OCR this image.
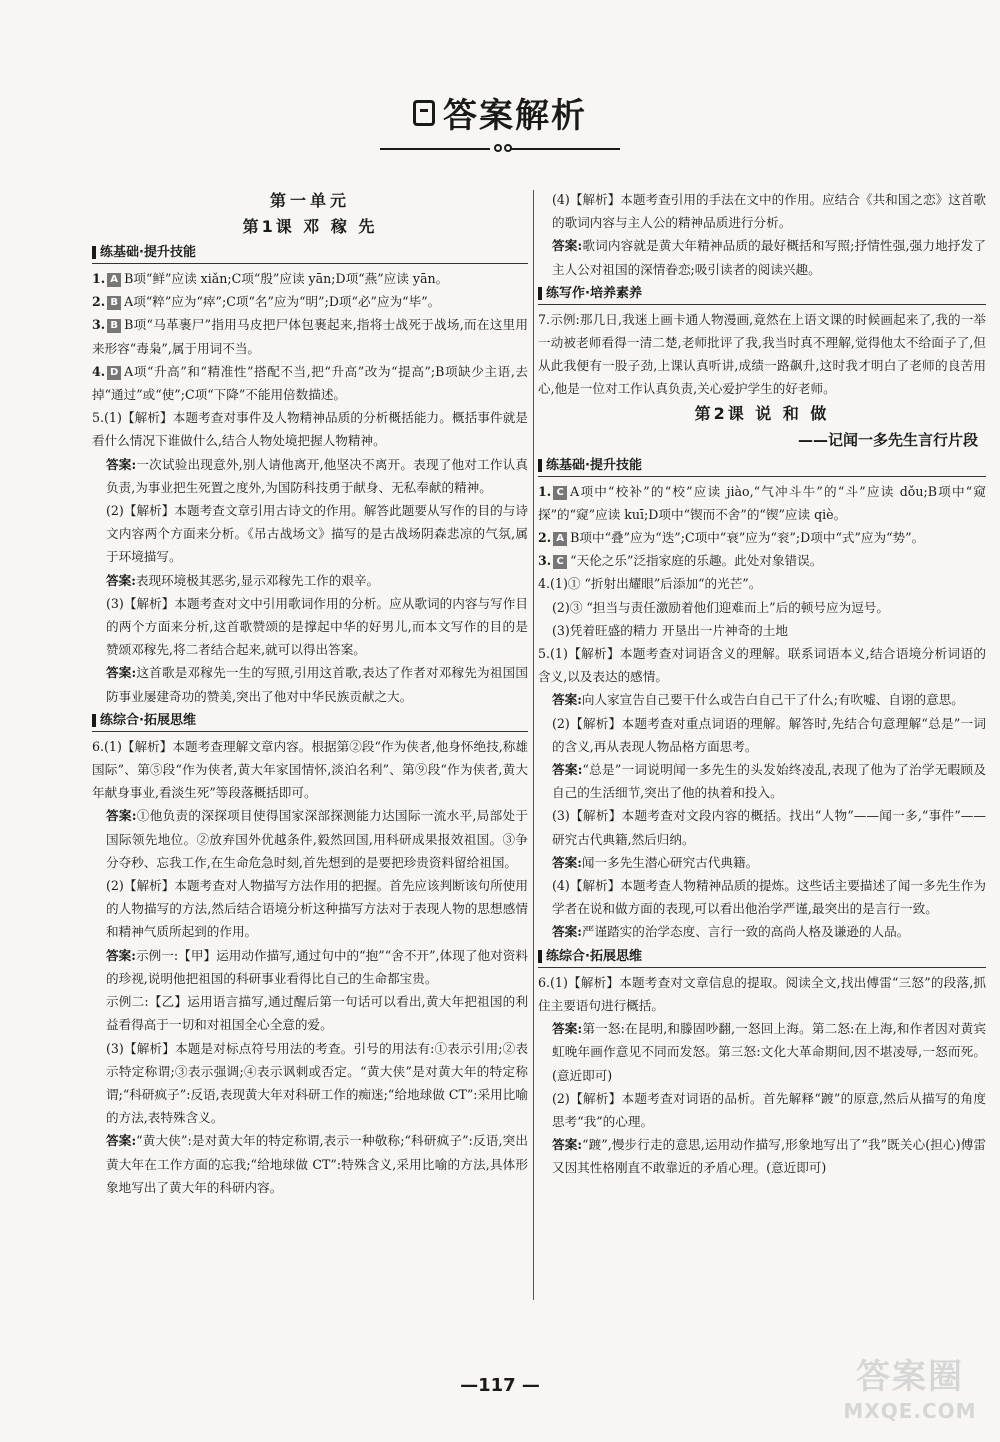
答案解析
第一单元
第1课 邓 稼 先
练基础·提升技能

1. A B项“鲜”应读 xiǎn;C项“殷”应读 yān;D项“燕”应读 yān。

2. B A项“粹”应为“瘁”;C项“名”应为“明”;D项“必”应为“毕”。

3. B B项“马革裹尸”指用马皮把尸体包裹起来,指将士战死于战场,而在这里用来形容“毒枭”,属于用词不当。

4. D A项“升高”和“精准性”搭配不当,把“升高”改为“提高”;B项缺少主语,去掉“通过”或“使”;C项“下降”不能用倍数描述。

5.(1)【解析】本题考查对事件及人物精神品质的分析概括能力。概括事件就是看什么情况下谁做什么,结合人物处境把握人物精神。

答案:一次试验出现意外,别人请他离开,他坚决不离开。表现了他对工作认真负责,为事业把生死置之度外,为国防科技勇于献身、无私奉献的精神。

(2)【解析】本题考查文章引用古诗文的作用。解答此题要从写作的目的与诗文内容两个方面来分析。《吊古战场文》描写的是古战场阴森悲凉的气氛,属于环境描写。

答案:表现环境极其恶劣,显示邓稼先工作的艰辛。

(3)【解析】本题考查对文中引用歌词作用的分析。应从歌词的内容与写作目的两个方面来分析,这首歌赞颂的是撑起中华的好男儿,而本文写作的目的是赞颂邓稼先,将二者结合起来,就可以得出答案。

答案:这首歌是邓稼先一生的写照,引用这首歌,表达了作者对邓稼先为祖国国防事业屡建奇功的赞美,突出了他对中华民族贡献之大。

练综合·拓展思维

6.(1)【解析】本题考查理解文章内容。根据第②段“作为侠者,他身怀绝技,称雄国际”、第⑤段“作为侠者,黄大年家国情怀,淡泊名利”、第⑨段“作为侠者,黄大年献身事业,看淡生死”等段落概括即可。

答案:①他负责的深探项目使得国家深部探测能力达国际一流水平,局部处于国际领先地位。②放弃国外优越条件,毅然回国,用科研成果报效祖国。③争分夺秒、忘我工作,在生命危急时刻,首先想到的是要把珍贵资料留给祖国。

(2)【解析】本题考查对人物描写方法作用的把握。首先应该判断该句所使用的人物描写的方法,然后结合语境分析这种描写方法对于表现人物的思想感情和精神气质所起到的作用。

答案:示例一:【甲】运用动作描写,通过句中的“抱”“舍不开”,体现了他对资料的珍视,说明他把祖国的科研事业看得比自己的生命都宝贵。

示例二:【乙】运用语言描写,通过醒后第一句话可以看出,黄大年把祖国的利益看得高于一切和对祖国全心全意的爱。

(3)【解析】本题是对标点符号用法的考查。引号的用法有:①表示引用;②表示特定称谓;③表示强调;④表示讽刺或否定。“黄大侠”是对黄大年的特定称谓;“科研疯子”:反语,表现黄大年对科研工作的痴迷;“给地球做 CT”:采用比喻的方法,表特殊含义。

答案:“黄大侠”:是对黄大年的特定称谓,表示一种敬称;“科研疯子”:反语,突出黄大年在工作方面的忘我;“给地球做 CT”:特殊含义,采用比喻的方法,具体形象地写出了黄大年的科研内容。

(4)【解析】本题考查引用的手法在文中的作用。应结合《共和国之恋》这首歌的歌词内容与主人公的精神品质进行分析。

答案:歌词内容就是黄大年精神品质的最好概括和写照;抒情性强,强力地抒发了主人公对祖国的深情眷恋;吸引读者的阅读兴趣。

练写作·培养素养

7.示例:那几日,我迷上画卡通人物漫画,竟然在上语文课的时候画起来了,我的一举一动被老师看得一清二楚,老师批评了我,我当时真不理解,觉得他太不给面子了,但从此我便有一股子劲,上课认真听讲,成绩一路飙升,这时我才明白了老师的良苦用心,他是一位对工作认真负责,关心爱护学生的好老师。

第2课 说 和 做
——记闻一多先生言行片段
练基础·提升技能

1. C A项中“校补”的“校”应读 jiào,“气冲斗牛”的“斗”应读 dǒu;B项中“窥探”的“窥”应读 kuī;D项中“锲而不舍”的“锲”应读 qiè。

2. A B项中“叠”应为“迭”;C项中“衰”应为“衮”;D项中“式”应为“势”。

3. C “天伦之乐”泛指家庭的乐趣。此处对象错误。

4.(1)① “折射出耀眼”后添加“的光芒”。

(2)③ “担当与责任激励着他们迎难而上”后的顿号应为逗号。

(3)凭着旺盛的精力 开垦出一片神奇的土地

5.(1)【解析】本题考查对词语含义的理解。联系词语本义,结合语境分析词语的含义,以及表达的感情。

答案:向人家宣告自己要干什么或告白自己干了什么;有吹嘘、自诩的意思。

(2)【解析】本题考查对重点词语的理解。解答时,先结合句意理解“总是”一词的含义,再从表现人物品格方面思考。

答案:“总是”一词说明闻一多先生的头发始终凌乱,表现了他为了治学无暇顾及自己的生活细节,突出了他的执着和投入。

(3)【解析】本题考查对文段内容的概括。找出“人物”——闻一多,“事件”——研究古代典籍,然后归纳。

答案:闻一多先生潜心研究古代典籍。

(4)【解析】本题考查人物精神品质的提炼。这些话主要描述了闻一多先生作为学者在说和做方面的表现,可以看出他治学严谨,最突出的是言行一致。

答案:严谨踏实的治学态度、言行一致的高尚人格及谦逊的人品。

练综合·拓展思维

6.(1)【解析】本题考查对文章信息的提取。阅读全文,找出傅雷“三怒”的段落,抓住主要语句进行概括。

答案:第一怒:在昆明,和滕固吵翻,一怒回上海。第二怒:在上海,和作者因对黄宾虹晚年画作意见不同而发怒。第三怒:文化大革命期间,因不堪凌辱,一怒而死。(意近即可)

(2)【解析】本题考查对词语的品析。首先解释“踱”的原意,然后从描写的角度思考“我”的心理。

答案:“踱”,慢步行走的意思,运用动作描写,形象地写出了“我”既关心(担心)傅雷又因其性格刚直不敢靠近的矛盾心理。(意近即可)

—117 —	答案圈
MXQE.COM
